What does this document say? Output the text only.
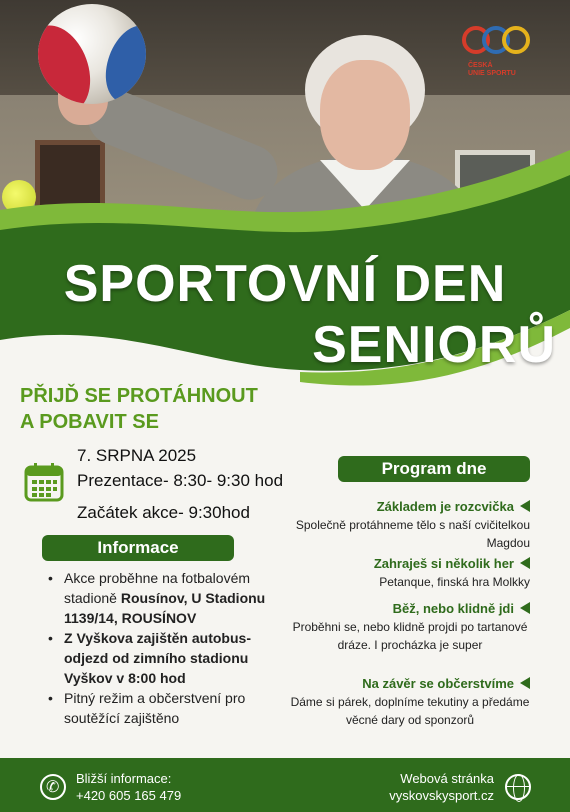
ČESKÁ
UNIE SPORTU
SPORTOVNÍ DEN
SENIORŮ
PŘIJĎ SE PROTÁHNOUT
A POBAVIT SE
7. SRPNA 2025
Prezentace- 8:30- 9:30 hod
Začátek akce- 9:30hod
Informace
• Akce proběhne na fotbalovém stadioně Rousínov, U Stadionu 1139/14, ROUSÍNOV
• Z Vyškova zajištěn autobus- odjezd od zimního stadionu Vyškov v 8:00 hod
• Pitný režim a občerstvení pro soutěžící zajištěno
Program dne
Základem je rozcvička
Společně protáhneme tělo s naší cvičitelkou Magdou
Zahraješ si několik her
Petanque, finská hra Molkky
Běž, nebo klidně jdi
Proběhni se, nebo klidně projdi po tartanové dráze. I procházka je super
Na závěr se občerstvíme
Dáme si párek, doplníme tekutiny a předáme věcné dary od sponzorů
✆
Bližší informace:
+420 605 165 479
Webová stránka
vyskovskysport.cz
